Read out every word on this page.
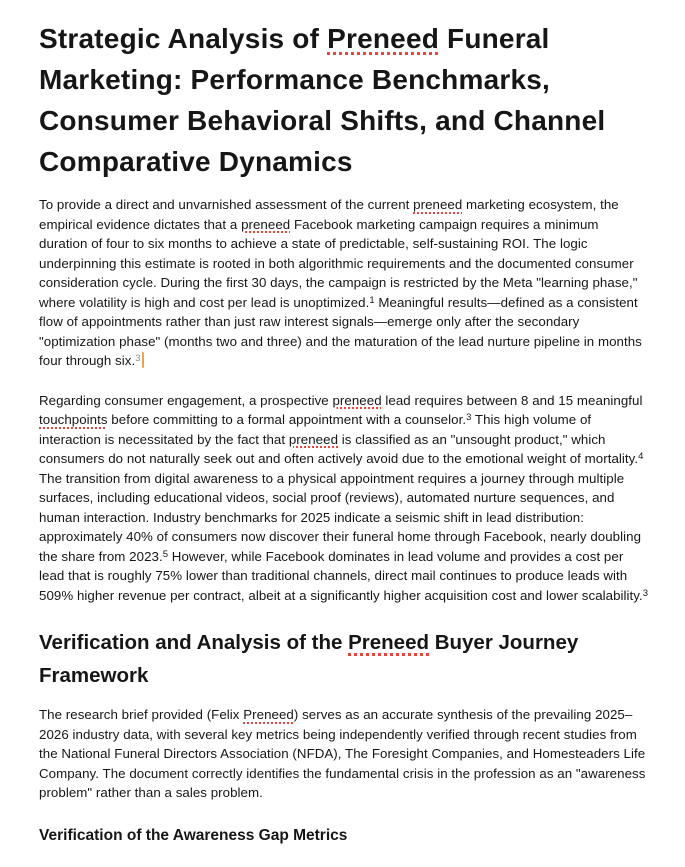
Strategic Analysis of Preneed Funeral Marketing: Performance Benchmarks, Consumer Behavioral Shifts, and Channel Comparative Dynamics

To provide a direct and unvarnished assessment of the current preneed marketing ecosystem, the empirical evidence dictates that a preneed Facebook marketing campaign requires a minimum duration of four to six months to achieve a state of predictable, self-sustaining ROI. The logic underpinning this estimate is rooted in both algorithmic requirements and the documented consumer consideration cycle. During the first 30 days, the campaign is restricted by the Meta "learning phase," where volatility is high and cost per lead is unoptimized.$^1$ Meaningful results—defined as a consistent flow of appointments rather than just raw interest signals—emerge only after the secondary "optimization phase" (months two and three) and the maturation of the lead nurture pipeline in months four through six.$^3$

Regarding consumer engagement, a prospective preneed lead requires between 8 and 15 meaningful touchpoints before committing to a formal appointment with a counselor.$^3$ This high volume of interaction is necessitated by the fact that preneed is classified as an "unsought product," which consumers do not naturally seek out and often actively avoid due to the emotional weight of mortality.$^4$ The transition from digital awareness to a physical appointment requires a journey through multiple surfaces, including educational videos, social proof (reviews), automated nurture sequences, and human interaction. Industry benchmarks for 2025 indicate a seismic shift in lead distribution: approximately 40% of consumers now discover their funeral home through Facebook, nearly doubling the share from 2023.$^5$ However, while Facebook dominates in lead volume and provides a cost per lead that is roughly 75% lower than traditional channels, direct mail continues to produce leads with 509% higher revenue per contract, albeit at a significantly higher acquisition cost and lower scalability.$^3$

Verification and Analysis of the Preneed Buyer Journey Framework

The research brief provided (Felix Preneed) serves as an accurate synthesis of the prevailing 2025–2026 industry data, with several key metrics being independently verified through recent studies from the National Funeral Directors Association (NFDA), The Foresight Companies, and Homesteaders Life Company. The document correctly identifies the fundamental crisis in the profession as an "awareness problem" rather than a sales problem.

Verification of the Awareness Gap Metrics
